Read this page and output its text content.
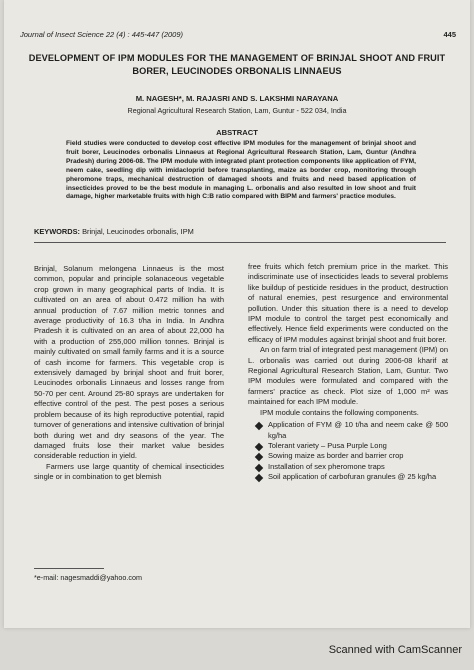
Journal of Insect Science 22 (4) : 445-447 (2009)	445
DEVELOPMENT OF IPM MODULES FOR THE MANAGEMENT OF BRINJAL SHOOT AND FRUIT BORER, LEUCINODES ORBONALIS LINNAEUS
M. NAGESH*, M. RAJASRI AND S. LAKSHMI NARAYANA
Regional Agricultural Research Station, Lam, Guntur - 522 034, India
ABSTRACT
Field studies were conducted to develop cost effective IPM modules for the management of brinjal shoot and fruit borer, Leucinodes orbonalis Linnaeus at Regional Agricultural Research Station, Lam, Guntur (Andhra Pradesh) during 2006-08. The IPM module with integrated plant protection components like application of FYM, neem cake, seedling dip with imidacloprid before transplanting, maize as border crop, monitoring through pheromone traps, mechanical destruction of damaged shoots and fruits and need based application of insecticides proved to be the best module in managing L. orbonalis and also resulted in low shoot and fruit damage, higher marketable fruits with high C:B ratio compared with BIPM and farmers' practice modules.
KEYWORDS: Brinjal, Leucinodes orbonalis, IPM

Brinjal, Solanum melongena Linnaeus is the most common, popular and principle solanaceous vegetable crop grown in many geographical parts of India. It is cultivated on an area of about 0.472 million ha with annual production of 7.67 million metric tonnes and average productivity of 16.3 t/ha in India. In Andhra Pradesh it is cultivated on an area of about 22,000 ha with a production of 255,000 million tonnes. Brinjal is mainly cultivated on small family farms and it is a source of cash income for farmers. This vegetable crop is extensively damaged by brinjal shoot and fruit borer, Leucinodes orbonalis Linnaeus and losses range from 50-70 per cent. Around 25-80 sprays are undertaken for effective control of the pest. The pest poses a serious problem because of its high reproductive potential, rapid turnover of generations and intensive cultivation of brinjal both during wet and dry seasons of the year. The damaged fruits lose their market value besides considerable reduction in yield.

Farmers use large quantity of chemical insecticides single or in combination to get blemish

free fruits which fetch premium price in the market. This indiscriminate use of insecticides leads to several problems like buildup of pesticide residues in the product, destruction of natural enemies, pest resurgence and environmental pollution. Under this situation there is a need to develop IPM module to control the target pest economically and effectively. Hence field experiments were conducted on the efficacy of IPM modules against brinjal shoot and fruit borer.

An on farm trial of integrated pest management (IPM) on L. orbonalis was carried out during 2006-08 kharif at Regional Agricultural Research Station, Lam, Guntur. Two IPM modules were formulated and compared with the farmers' practice as check. Plot size of 1,000 m² was maintained for each IPM module.

IPM module contains the following components.

Application of FYM @ 10 t/ha and neem cake @ 500 kg/ha
Tolerant variety – Pusa Purple Long
Sowing maize as border and barrier crop
Installation of sex pheromone traps
Soil application of carbofuran granules @ 25 kg/ha
*e-mail: nagesmaddi@yahoo.com
Scanned with CamScanner
